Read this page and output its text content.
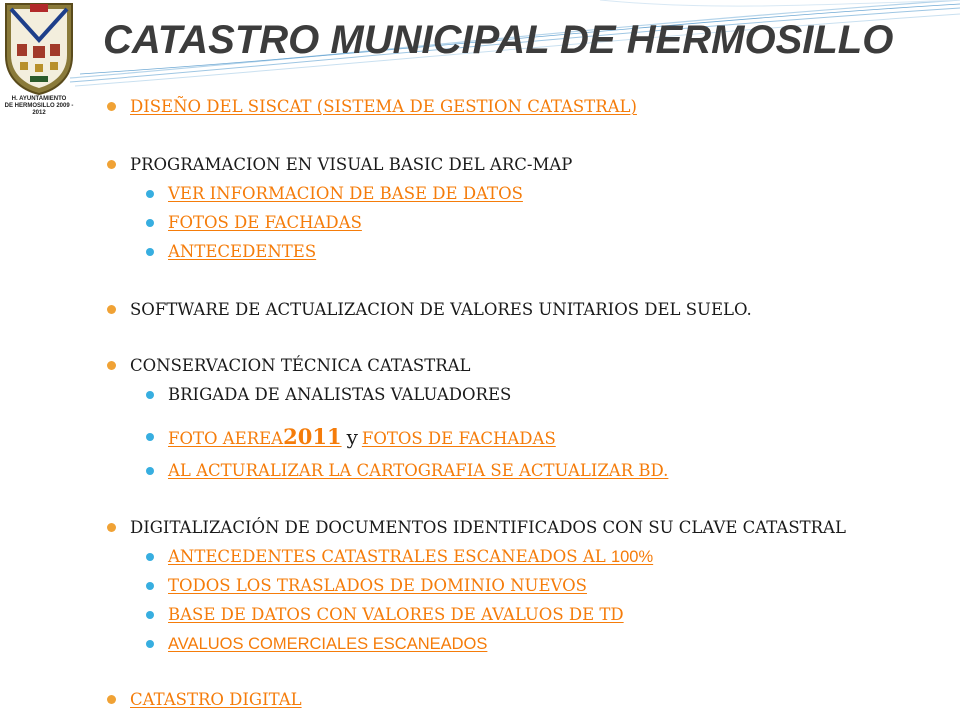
H. AYUNTAMIENTO
DE HERMOSILLO 2009 - 2012
CATASTRO MUNICIPAL DE HERMOSILLO
DISEÑO DEL SISCAT (SISTEMA DE GESTION CATASTRAL)
PROGRAMACION EN VISUAL BASIC DEL ARC-MAP
VER INFORMACION DE BASE DE DATOS
FOTOS DE FACHADAS
ANTECEDENTES
SOFTWARE DE ACTUALIZACION DE VALORES UNITARIOS DEL SUELO.
CONSERVACION TÉCNICA CATASTRAL
BRIGADA DE ANALISTAS VALUADORES
FOTO AEREA2011 y FOTOS DE FACHADAS
AL ACTURALIZAR LA CARTOGRAFIA SE ACTUALIZAR BD.
DIGITALIZACIÓN DE DOCUMENTOS IDENTIFICADOS CON SU CLAVE CATASTRAL
ANTECEDENTES CATASTRALES ESCANEADOS AL 100%
TODOS LOS TRASLADOS DE DOMINIO NUEVOS
BASE DE DATOS CON VALORES DE AVALUOS DE TD
AVALUOS COMERCIALES ESCANEADOS
CATASTRO DIGITAL
